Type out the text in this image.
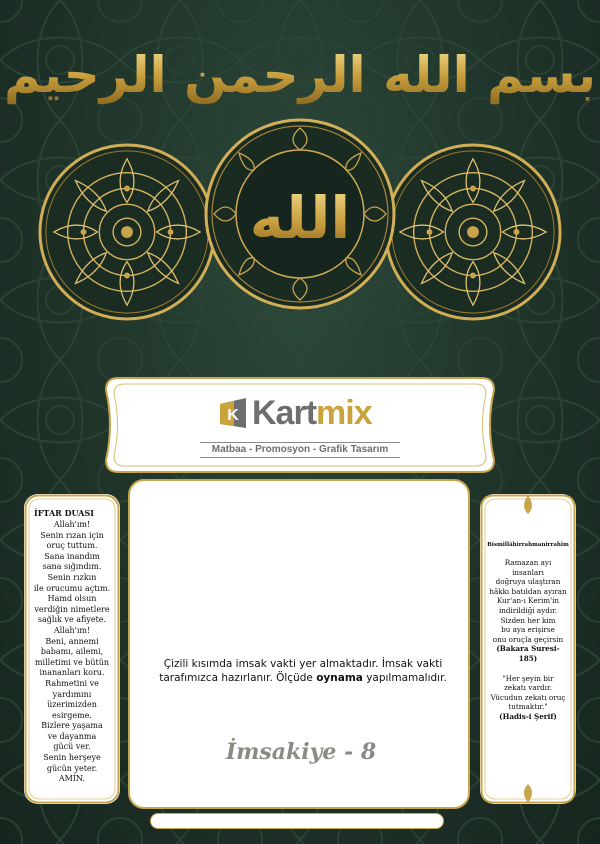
بسم الله الرحمن الرحيم
الله
K Kartmix
Matbaa - Promosyon - Grafik Tasarım
İFTAR DUASI
Allah'ım!
Senin rızan için
oruç tuttum.
Sana inandım
sana sığındım.
Senin rızkın
ile orucumu açtım.
Hamd olsun
verdiğin nimetlere
sağlık ve afiyete.
Allah'ım!
Beni, annemi
babamı, ailemi,
milletimi ve bütün
inananları koru.
Rahmetini ve
yardımını
üzerimizden
esirgeme.
Bizlere yaşama
ve dayanma
gücü ver.
Senin herşeye
gücün yeter.
AMİN.
Çizili kısımda imsak vakti yer almaktadır. İmsak vakti tarafımızca hazırlanır. Ölçüde oynama yapılmamalıdır.
İmsakiye - 8
Bismillâhirrahmanirrahîm
Ramazan ayı
insanları
doğruya ulaştıran
hâkkı batıldan ayıran
Kur'an-ı Kerim'in
indirildiği aydır.
Sizden her kim
bu aya erişirse
onu oruçla geçirsin
(Bakara Suresi-185)
"Her şeyin bir
zekatı vardır.
Vücudun zekatı oruç
tutmaktır."
(Hadis-i Şerif)
